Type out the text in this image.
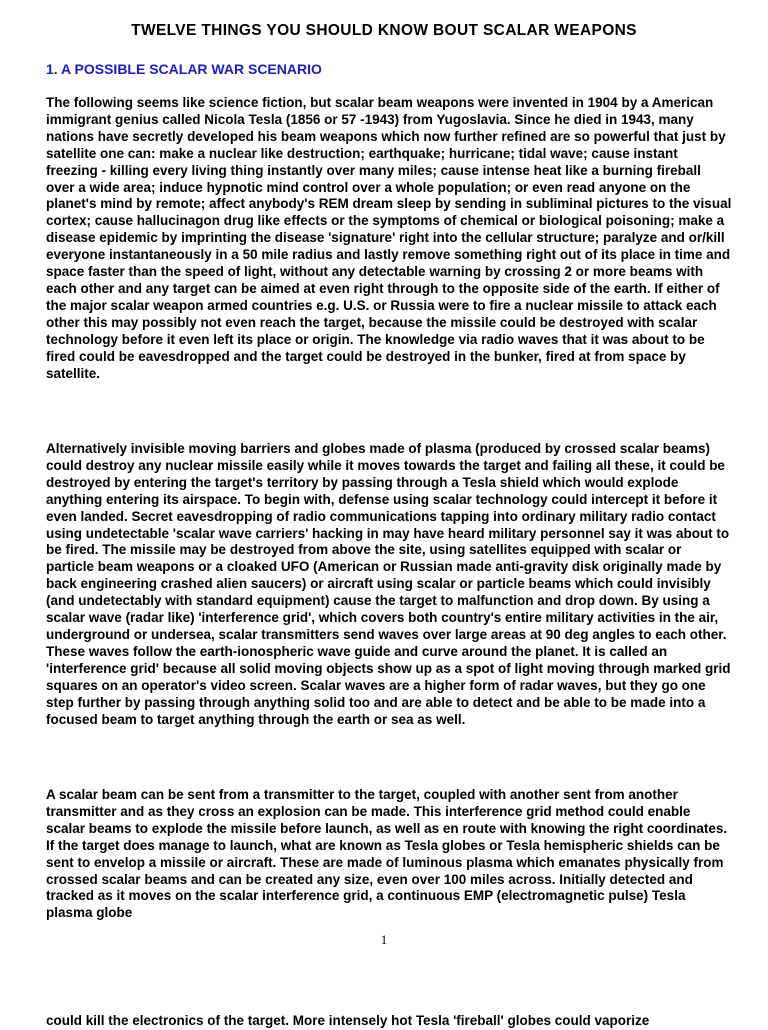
TWELVE THINGS YOU SHOULD KNOW BOUT SCALAR WEAPONS
1. A POSSIBLE SCALAR WAR SCENARIO

The following seems like science fiction, but scalar beam weapons were invented in 1904 by a American immigrant genius called Nicola Tesla (1856 or 57 -1943) from Yugoslavia. Since he died in 1943, many nations have secretly developed his beam weapons which now further refined are so powerful that just by satellite one can: make a nuclear like destruction; earthquake; hurricane; tidal wave; cause instant freezing - killing every living thing instantly over many miles; cause intense heat like a burning fireball over a wide area; induce hypnotic mind control over a whole population; or even read anyone on the planet's mind by remote; affect anybody's REM dream sleep by sending in subliminal pictures to the visual cortex; cause hallucinagon drug like effects or the symptoms of chemical or biological poisoning; make a disease epidemic by imprinting the disease 'signature' right into the cellular structure; paralyze and or/kill everyone instantaneously in a 50 mile radius and lastly remove something right out of its place in time and space faster than the speed of light, without any detectable warning by crossing 2 or more beams with each other and any target can be aimed at even right through to the opposite side of the earth. If either of the major scalar weapon armed countries e.g. U.S. or Russia were to fire a nuclear missile to attack each other this may possibly not even reach the target, because the missile could be destroyed with scalar technology before it even left its place or origin. The knowledge via radio waves that it was about to be fired could be eavesdropped and the target could be destroyed in the bunker, fired at from space by satellite.

Alternatively invisible moving barriers and globes made of plasma (produced by crossed scalar beams) could destroy any nuclear missile easily while it moves towards the target and failing all these, it could be destroyed by entering the target's territory by passing through a Tesla shield which would explode anything entering its airspace. To begin with, defense using scalar technology could intercept it before it even landed. Secret eavesdropping of radio communications tapping into ordinary military radio contact using undetectable 'scalar wave carriers' hacking in may have heard military personnel say it was about to be fired. The missile may be destroyed from above the site, using satellites equipped with scalar or particle beam weapons or a cloaked UFO (American or Russian made anti-gravity disk originally made by back engineering crashed alien saucers) or aircraft using scalar or particle beams which could invisibly (and undetectably with standard equipment) cause the target to malfunction and drop down. By using a scalar wave (radar like) 'interference grid', which covers both country's entire military activities in the air, underground or undersea, scalar transmitters send waves over large areas at 90 deg angles to each other. These waves follow the earth-ionospheric wave guide and curve around the planet. It is called an 'interference grid' because all solid moving objects show up as a spot of light moving through marked grid squares on an operator's video screen. Scalar waves are a higher form of radar waves, but they go one step further by passing through anything solid too and are able to detect and be able to be made into a focused beam to target anything through the earth or sea as well.

A scalar beam can be sent from a transmitter to the target, coupled with another sent from another transmitter and as they cross an explosion can be made. This interference grid method could enable scalar beams to explode the missile before launch, as well as en route with knowing the right coordinates. If the target does manage to launch, what are known as Tesla globes or Tesla hemispheric shields can be sent to envelop a missile or aircraft. These are made of luminous plasma which emanates physically from crossed scalar beams and can be created any size, even over 100 miles across. Initially detected and tracked as it moves on the scalar interference grid, a continuous EMP (electromagnetic pulse) Tesla plasma globe

1

could kill the electronics of the target. More intensely hot Tesla 'fireball' globes could vaporize
